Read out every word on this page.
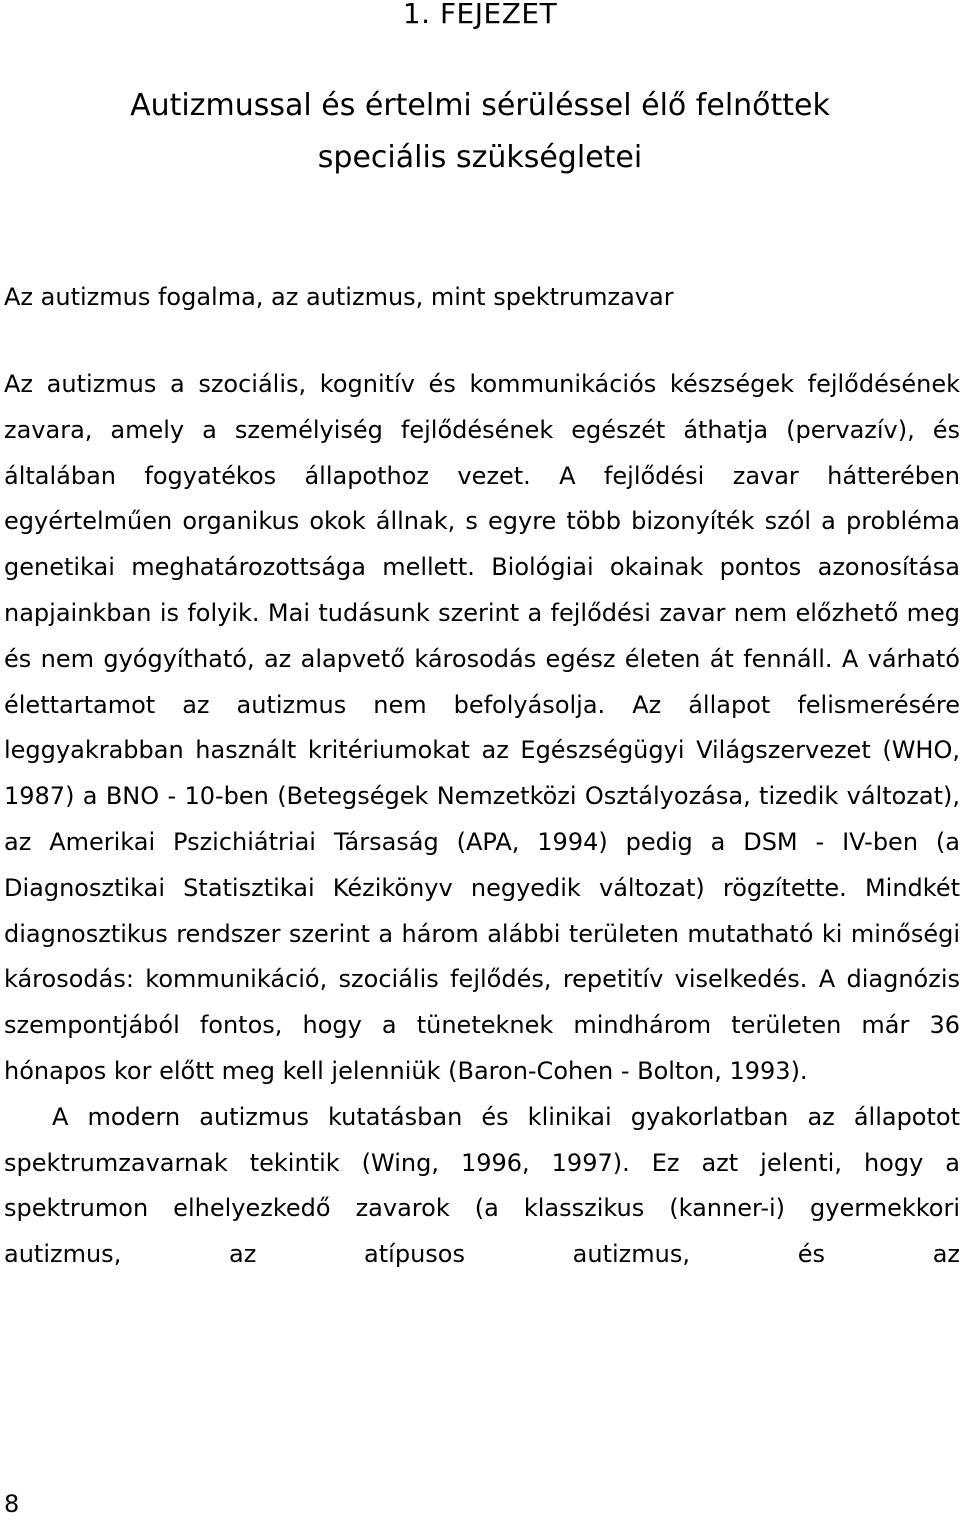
1. FEJEZET
Autizmussal és értelmi sérüléssel élő felnőttek
speciális szükségletei
Az autizmus fogalma, az autizmus, mint spektrumzavar

Az autizmus a szociális, kognitív és kommunikációs készségek fejlődésének zavara, amely a személyiség fejlődésének egészét áthatja (pervazív), és általában fogyatékos állapothoz vezet. A fejlődési zavar hátterében egyértelműen organikus okok állnak, s egyre több bizonyíték szól a probléma genetikai meghatározottsága mellett. Biológiai okainak pontos azonosítása napjainkban is folyik. Mai tudásunk szerint a fejlődési zavar nem előzhető meg és nem gyógyítható, az alapvető károsodás egész életen át fennáll. A várható élettartamot az autizmus nem befolyásolja. Az állapot felismerésére leggyakrabban használt kritériumokat az Egészségügyi Világszervezet (WHO, 1987) a BNO - 10-ben (Betegségek Nemzetközi Osztályozása, tizedik változat), az Amerikai Pszichiátriai Társaság (APA, 1994) pedig a DSM - IV-ben (a Diagnosztikai Statisztikai Kézikönyv negyedik változat) rögzítette. Mindkét diagnosztikus rendszer szerint a három alábbi területen mutatható ki minőségi károsodás: kommunikáció, szociális fejlődés, repetitív viselkedés. A diagnózis szempontjából fontos, hogy a tüneteknek mindhárom területen már 36 hónapos kor előtt meg kell jelenniük (Baron-Cohen - Bolton, 1993).

A modern autizmus kutatásban és klinikai gyakorlatban az állapotot spektrumzavarnak tekintik (Wing, 1996, 1997). Ez azt jelenti, hogy a spektrumon elhelyezkedő zavarok (a klasszikus (kanner-i) gyermekkori autizmus, az atípusos autizmus, és az

8
